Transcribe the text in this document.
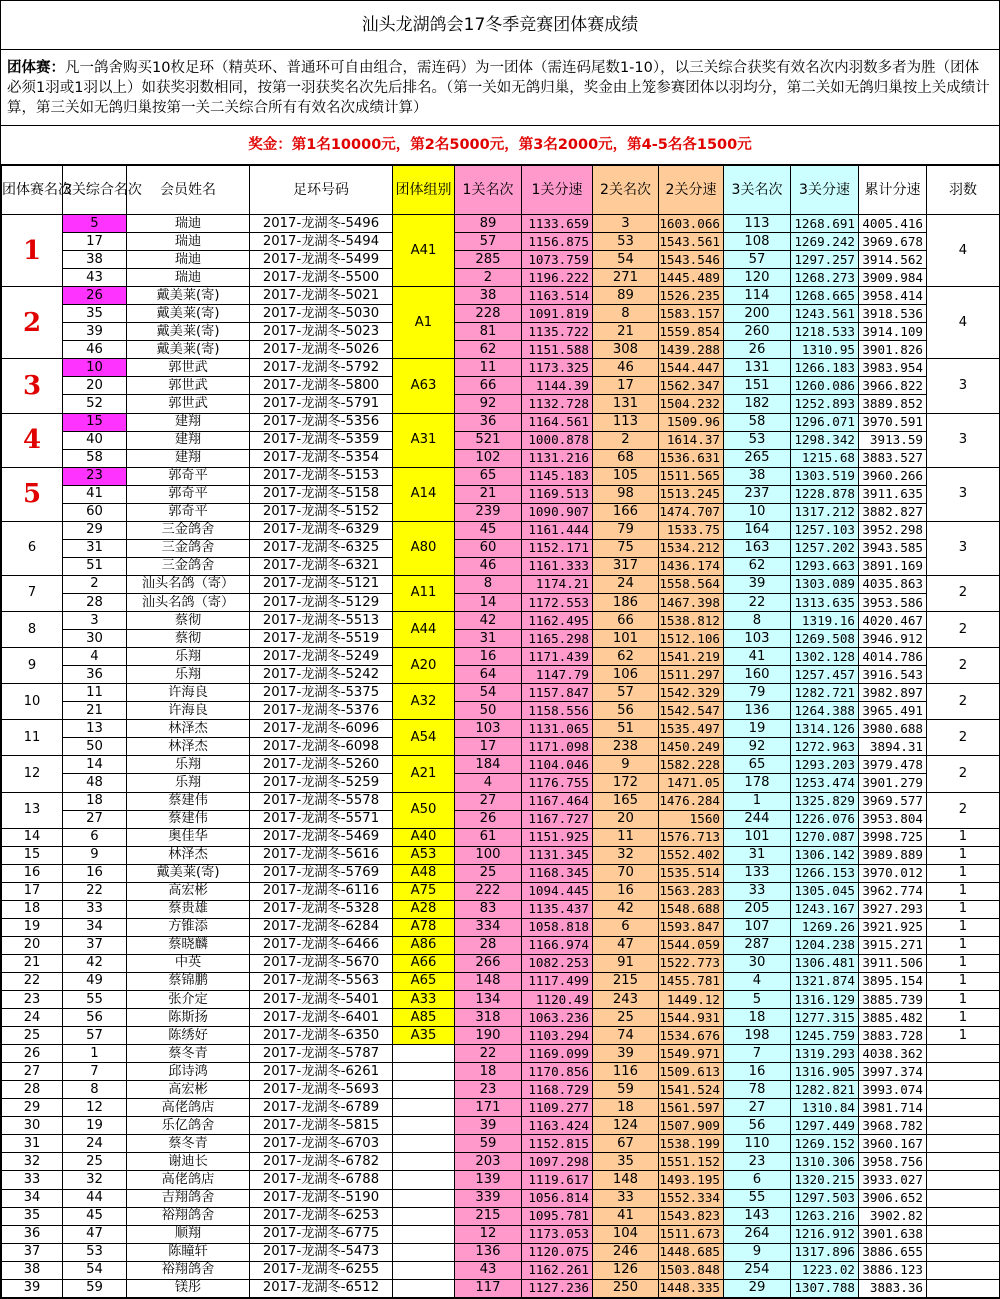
汕头龙湖鸽会17冬季竞赛团体赛成绩
团体赛：凡一鸽舍购买10枚足环（精英环、普通环可自由组合，需连码）为一团体（需连码尾数1-10），以三关综合获奖有效名次内羽数多者为胜（团体必须1羽或1羽以上）如获奖羽数相同，按第一羽获奖名次先后排名。（第一关如无鸽归巢，奖金由上笼参赛团体以羽均分，第二关如无鸽归巢按上关成绩计算，第三关如无鸽归巢按第一关二关综合所有有效名次成绩计算）
奖金：第1名10000元，第2名5000元，第3名2000元，第4-5名各1500元
团体赛名次	3关综合名次	会员姓名	足环号码	团体组别	1关名次	1关分速	2关名次	2关分速	3关名次	3关分速	累计分速	羽数
1	5	瑞迪	2017-龙湖冬-5496	A41	89	1133.659	3	1603.066	113	1268.691	4005.416	4
	17	瑞迪	2017-龙湖冬-5494		57	1156.875	53	1543.561	108	1269.242	3969.678	
	38	瑞迪	2017-龙湖冬-5499		285	1073.759	54	1543.546	57	1297.257	3914.562	
	43	瑞迪	2017-龙湖冬-5500		2	1196.222	271	1445.489	120	1268.273	3909.984	
2	26	戴美莱(寄)	2017-龙湖冬-5021	A1	38	1163.514	89	1526.235	114	1268.665	3958.414	4
	35	戴美莱(寄)	2017-龙湖冬-5030		228	1091.819	8	1583.157	200	1243.561	3918.536	
	39	戴美莱(寄)	2017-龙湖冬-5023		81	1135.722	21	1559.854	260	1218.533	3914.109	
	46	戴美莱(寄)	2017-龙湖冬-5026		62	1151.588	308	1439.288	26	1310.95	3901.826	
3	10	郭世武	2017-龙湖冬-5792	A63	11	1173.325	46	1544.447	131	1266.183	3983.954	3
	20	郭世武	2017-龙湖冬-5800		66	1144.39	17	1562.347	151	1260.086	3966.822	
	52	郭世武	2017-龙湖冬-5791		92	1132.728	131	1504.232	182	1252.893	3889.852	
4	15	建翔	2017-龙湖冬-5356	A31	36	1164.561	113	1509.96	58	1296.071	3970.591	3
	40	建翔	2017-龙湖冬-5359		521	1000.878	2	1614.37	53	1298.342	3913.59	
	58	建翔	2017-龙湖冬-5354		102	1131.216	68	1536.631	265	1215.68	3883.527	
5	23	郭奇平	2017-龙湖冬-5153	A14	65	1145.183	105	1511.565	38	1303.519	3960.266	3
	41	郭奇平	2017-龙湖冬-5158		21	1169.513	98	1513.245	237	1228.878	3911.635	
	60	郭奇平	2017-龙湖冬-5152		239	1090.907	166	1474.707	10	1317.212	3882.827	
6	29	三金鸽舍	2017-龙湖冬-6329	A80	45	1161.444	79	1533.75	164	1257.103	3952.298	3
	31	三金鸽舍	2017-龙湖冬-6325		60	1152.171	75	1534.212	163	1257.202	3943.585	
	51	三金鸽舍	2017-龙湖冬-6321		46	1161.333	317	1436.174	62	1293.663	3891.169	
7	2	汕头名鸽（寄）	2017-龙湖冬-5121	A11	8	1174.21	24	1558.564	39	1303.089	4035.863	2
	28	汕头名鸽（寄）	2017-龙湖冬-5129		14	1172.553	186	1467.398	22	1313.635	3953.586	
8	3	蔡彻	2017-龙湖冬-5513	A44	42	1162.495	66	1538.812	8	1319.16	4020.467	2
	30	蔡彻	2017-龙湖冬-5519		31	1165.298	101	1512.106	103	1269.508	3946.912	
9	4	乐翔	2017-龙湖冬-5249	A20	16	1171.439	62	1541.219	41	1302.128	4014.786	2
	36	乐翔	2017-龙湖冬-5242		64	1147.79	106	1511.297	160	1257.457	3916.543	
10	11	许海良	2017-龙湖冬-5375	A32	54	1157.847	57	1542.329	79	1282.721	3982.897	2
	21	许海良	2017-龙湖冬-5376		50	1158.556	56	1542.547	136	1264.388	3965.491	
11	13	林泽杰	2017-龙湖冬-6096	A54	103	1131.065	51	1535.497	19	1314.126	3980.688	2
	50	林泽杰	2017-龙湖冬-6098		17	1171.098	238	1450.249	92	1272.963	3894.31	
12	14	乐翔	2017-龙湖冬-5260	A21	184	1104.046	9	1582.228	65	1293.203	3979.478	2
	48	乐翔	2017-龙湖冬-5259		4	1176.755	172	1471.05	178	1253.474	3901.279	
13	18	蔡建伟	2017-龙湖冬-5578	A50	27	1167.464	165	1476.284	1	1325.829	3969.577	2
	27	蔡建伟	2017-龙湖冬-5571		26	1167.727	20	1560	244	1226.076	3953.804	
14	6	奥佳华	2017-龙湖冬-5469	A40	61	1151.925	11	1576.713	101	1270.087	3998.725	1
15	9	林泽杰	2017-龙湖冬-5616	A53	100	1131.345	32	1552.402	31	1306.142	3989.889	1
16	16	戴美莱(寄)	2017-龙湖冬-5769	A48	25	1168.345	70	1535.514	133	1266.153	3970.012	1
17	22	高宏彬	2017-龙湖冬-6116	A75	222	1094.445	16	1563.283	33	1305.045	3962.774	1
18	33	蔡贵雄	2017-龙湖冬-5328	A28	83	1135.437	42	1548.688	205	1243.167	3927.293	1
19	34	方锥添	2017-龙湖冬-6284	A78	334	1058.818	6	1593.847	107	1269.26	3921.925	1
20	37	蔡晓麟	2017-龙湖冬-6466	A86	28	1166.974	47	1544.059	287	1204.238	3915.271	1
21	42	中英	2017-龙湖冬-5670	A66	266	1082.253	91	1522.773	30	1306.481	3911.506	1
22	49	蔡锦鹏	2017-龙湖冬-5563	A65	148	1117.499	215	1455.781	4	1321.874	3895.154	1
23	55	张介定	2017-龙湖冬-5401	A33	134	1120.49	243	1449.12	5	1316.129	3885.739	1
24	56	陈斯扬	2017-龙湖冬-6401	A85	318	1063.236	25	1544.931	18	1277.315	3885.482	1
25	57	陈绣好	2017-龙湖冬-6350	A35	190	1103.294	74	1534.676	198	1245.759	3883.728	1
26	1	蔡冬青	2017-龙湖冬-5787		22	1169.099	39	1549.971	7	1319.293	4038.362	
27	7	邱诗鸿	2017-龙湖冬-6261		18	1170.856	116	1509.613	16	1316.905	3997.374	
28	8	高宏彬	2017-龙湖冬-5693		23	1168.729	59	1541.524	78	1282.821	3993.074	
29	12	高佬鸽店	2017-龙湖冬-6789		171	1109.277	18	1561.597	27	1310.84	3981.714	
30	19	乐亿鸽舍	2017-龙湖冬-5815		39	1163.424	124	1507.909	56	1297.449	3968.782	
31	24	蔡冬青	2017-龙湖冬-6703		59	1152.815	67	1538.199	110	1269.152	3960.167	
32	25	谢迪长	2017-龙湖冬-6782		203	1097.298	35	1551.152	23	1310.306	3958.756	
33	32	高佬鸽店	2017-龙湖冬-6788		139	1119.617	148	1493.195	6	1320.215	3933.027	
34	44	吉翔鸽舍	2017-龙湖冬-5190		339	1056.814	33	1552.334	55	1297.503	3906.652	
35	45	裕翔鸽舍	2017-龙湖冬-6253		215	1095.781	41	1543.823	143	1263.216	3902.82	
36	47	顺翔	2017-龙湖冬-6775		12	1173.053	104	1511.673	264	1216.912	3901.638	
37	53	陈瞳轩	2017-龙湖冬-5473		136	1120.075	246	1448.685	9	1317.896	3886.655	
38	54	裕翔鸽舍	2017-龙湖冬-6255		43	1162.261	126	1503.848	254	1223.02	3886.123	
39	59	镁彤	2017-龙湖冬-6512		117	1127.236	250	1448.335	29	1307.788	3883.36	
